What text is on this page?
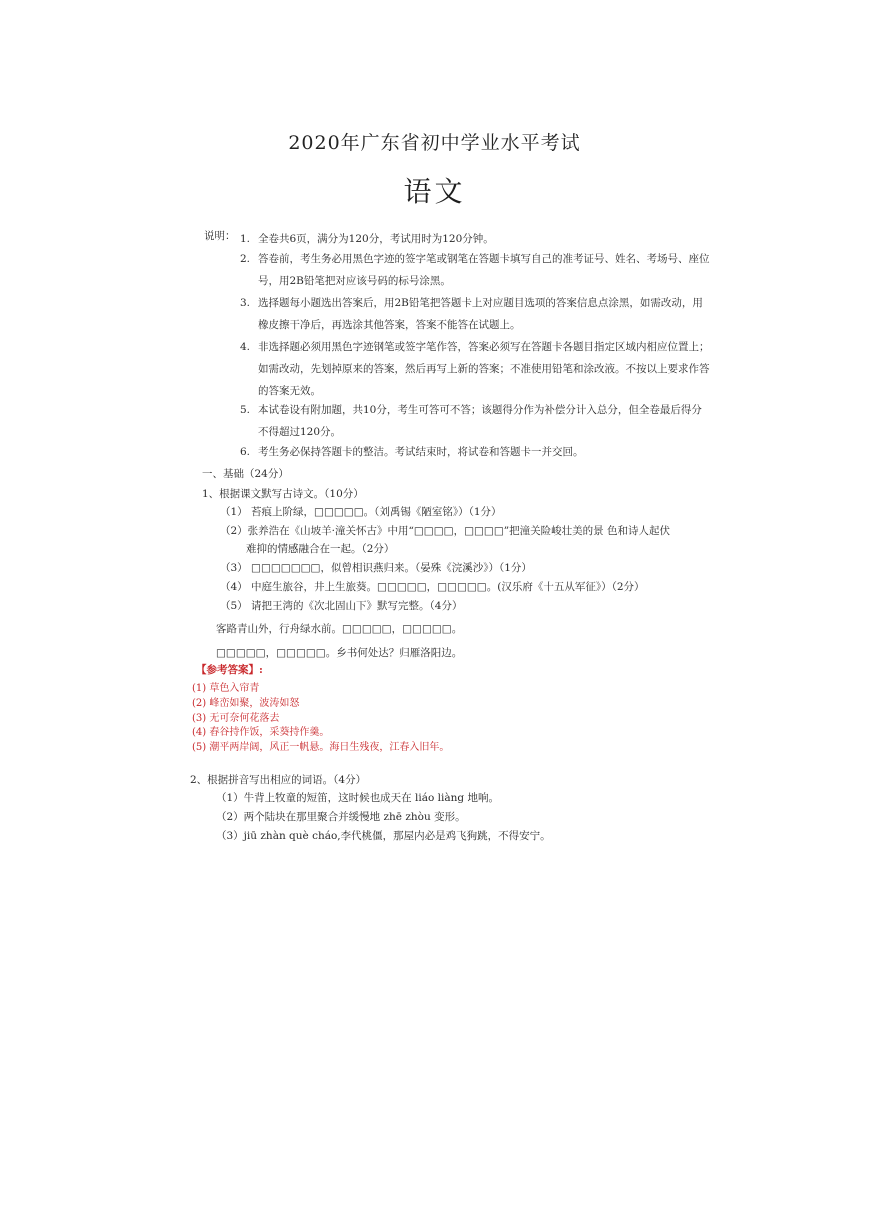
2020年广东省初中学业水平考试
语文
说明： 1. 全卷共6页，满分为120分，考试用时为120分钟。
2. 答卷前，考生务必用黑色字迹的签字笔或钢笔在答题卡填写自己的准考证号、姓名、考场号、座位号，用2B铅笔把对应该号码的标号涂黑。
3. 选择题每小题选出答案后，用2B铅笔把答题卡上对应题目选项的答案信息点涂黑，如需改动，用橡皮擦干净后，再选涂其他答案，答案不能答在试题上。
4. 非选择题必须用黑色字迹钢笔或签字笔作答，答案必须写在答题卡各题目指定区域内相应位置上；如需改动，先划掉原来的答案，然后再写上新的答案；不准使用铅笔和涂改液。不按以上要求作答的答案无效。
5. 本试卷设有附加题，共10分，考生可答可不答；该题得分作为补偿分计入总分，但全卷最后得分不得超过120分。
6. 考生务必保持答题卡的整洁。考试结束时，将试卷和答题卡一并交回。
一、基础（24分）
1、根据课文默写古诗文。（10分）
（1） 苔痕上阶绿，□□□□□。（刘禹锡《陋室铭》）（1分）
（2）张养浩在《山坡羊·潼关怀古》中用“□□□□，□□□□”把潼关险峻壮美的景 色和诗人起伏
难抑的情感融合在一起。（2分）
（3） □□□□□□□，似曾相识燕归来。（晏殊《浣溪沙》）（1分）
（4） 中庭生旅谷，井上生旅葵。□□□□□，□□□□□。(汉乐府《十五从军征》）（2分）
（5） 请把王湾的《次北固山下》默写完整。（4分）
客路青山外，行舟绿水前。□□□□□，□□□□□。
□□□□□，□□□□□。乡书何处达？归雁洛阳边。
【参考答案】:
(1) 草色入帘青
(2) 峰峦如聚，波涛如怒
(3) 无可奈何花落去
(4) 舂谷持作饭，采葵持作羹。
(5) 潮平两岸阔，风正一帆悬。海日生残夜，江春入旧年。
2、根据拼音写出相应的词语。（4分）
（1）牛背上牧童的短笛，这时候也成天在 liáo liàng 地响。
（2）两个陆块在那里聚合并缓慢地 zhē zhòu 变形。
（3）jiū zhàn què cháo,李代桃僵，那屋内必是鸡飞狗跳，不得安宁。
